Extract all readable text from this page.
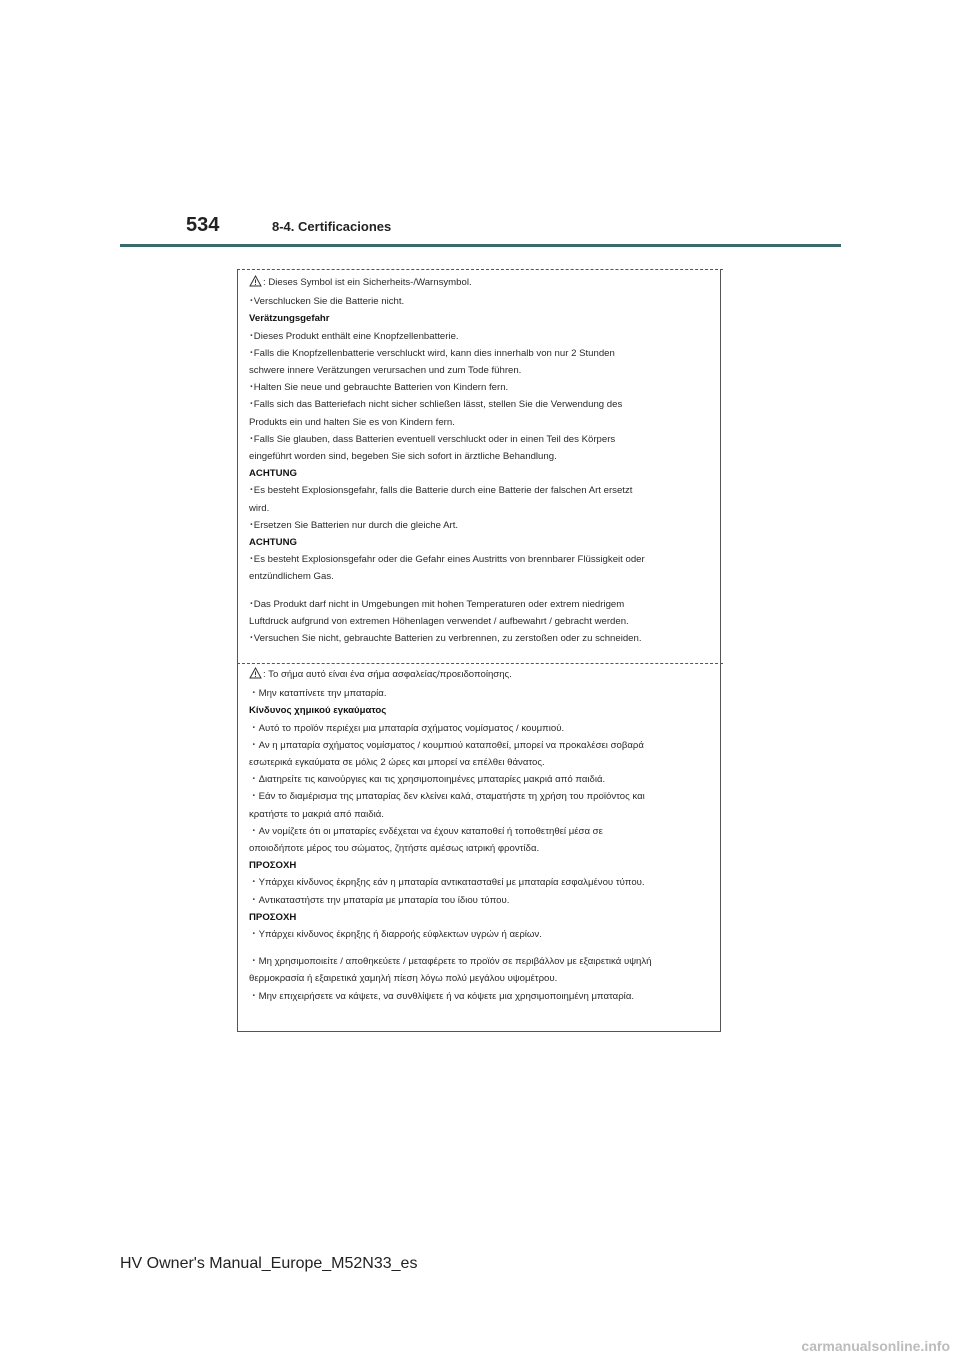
534	8-4. Certificaciones
: Dieses Symbol ist ein Sicherheits-/Warnsymbol.
･Verschlucken Sie die Batterie nicht.
Verätzungsgefahr
･Dieses Produkt enthält eine Knopfzellenbatterie.
･Falls die Knopfzellenbatterie verschluckt wird, kann dies innerhalb von nur 2 Stunden
schwere innere Verätzungen verursachen und zum Tode führen.
･Halten Sie neue und gebrauchte Batterien von Kindern fern.
･Falls sich das Batteriefach nicht sicher schließen lässt, stellen Sie die Verwendung des
Produkts ein und halten Sie es von Kindern fern.
･Falls Sie glauben, dass Batterien eventuell verschluckt oder in einen Teil des Körpers
eingeführt worden sind, begeben Sie sich sofort in ärztliche Behandlung.
ACHTUNG
･Es besteht Explosionsgefahr, falls die Batterie durch eine Batterie der falschen Art ersetzt
wird.
･Ersetzen Sie Batterien nur durch die gleiche Art.
ACHTUNG
･Es besteht Explosionsgefahr oder die Gefahr eines Austritts von brennbarer Flüssigkeit oder
entzündlichem Gas.
･Das Produkt darf nicht in Umgebungen mit hohen Temperaturen oder extrem niedrigem
Luftdruck aufgrund von extremen Höhenlagen verwendet / aufbewahrt / gebracht werden.
･Versuchen Sie nicht, gebrauchte Batterien zu verbrennen, zu zerstoßen oder zu schneiden.
: Το σήμα αυτό είναι ένα σήμα ασφαλείας/προειδοποίησης.
・Μην καταπίνετε την μπαταρία.
Κίνδυνος χημικού εγκαύματος
・Αυτό το προϊόν περιέχει μια μπαταρία σχήματος νομίσματος / κουμπιού.
・Αν η μπαταρία σχήματος νομίσματος / κουμπιού καταποθεί, μπορεί να προκαλέσει σοβαρά
εσωτερικά εγκαύματα σε μόλις 2 ώρες και μπορεί να επέλθει θάνατος.
・Διατηρείτε τις καινούργιες και τις χρησιμοποιημένες μπαταρίες μακριά από παιδιά.
・Εάν το διαμέρισμα της μπαταρίας δεν κλείνει καλά, σταματήστε τη χρήση του προϊόντος και
κρατήστε το μακριά από παιδιά.
・Αν νομίζετε ότι οι μπαταρίες ενδέχεται να έχουν καταποθεί ή τοποθετηθεί μέσα σε
οποιοδήποτε μέρος του σώματος, ζητήστε αμέσως ιατρική φροντίδα.
ΠΡΟΣΟΧΗ
・Υπάρχει κίνδυνος έκρηξης εάν η μπαταρία αντικατασταθεί με μπαταρία εσφαλμένου τύπου.
・Αντικαταστήστε την μπαταρία με μπαταρία του ίδιου τύπου.
ΠΡΟΣΟΧΗ
・Υπάρχει κίνδυνος έκρηξης ή διαρροής εύφλεκτων υγρών ή αερίων.
・Μη χρησιμοποιείτε / αποθηκεύετε / μεταφέρετε το προϊόν σε περιβάλλον με εξαιρετικά υψηλή
θερμοκρασία ή εξαιρετικά χαμηλή πίεση λόγω πολύ μεγάλου υψομέτρου.
・Μην επιχειρήσετε να κάψετε, να συνθλίψετε ή να κόψετε μια χρησιμοποιημένη μπαταρία.
HV Owner's Manual_Europe_M52N33_es
carmanualsonline.info
